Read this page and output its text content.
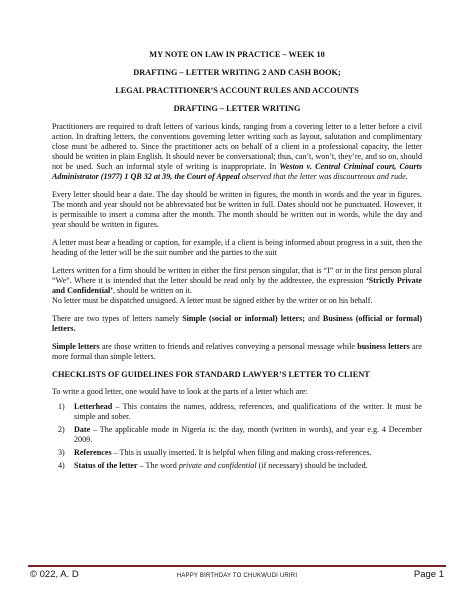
MY NOTE ON LAW IN PRACTICE – WEEK 10
DRAFTING – LETTER WRITING 2 AND CASH BOOK;
LEGAL PRACTITIONER’S ACCOUNT RULES AND ACCOUNTS
DRAFTING – LETTER WRITING

Practitioners are required to draft letters of various kinds, ranging from a covering letter to a letter before a civil action. In drafting letters, the conventions governing letter writing such as layout, salutation and complimentary close must be adhered to. Since the practitioner acts on behalf of a client in a professional capacity, the letter should be written in plain English. It should never be conversational; thus, can’t, won’t, they’re, and so on, should not be used. Such an informal style of writing is inappropriate. In Weston v. Central Criminal court, Courts Administrator (1977) 1 QB 32 at 39, the Court of Appeal observed that the letter was discourteous and rude.

Every letter should bear a date. The day should be written in figures, the month in words and the year in figures. The month and year should not be abbreviated but be written in full. Dates should not be punctuated. However, it is permissible to insert a comma after the month. The month should be written out in words, while the day and year should be written in figures.

A letter must bear a heading or caption, for example, if a client is being informed about progress in a suit, then the heading of the letter will be the suit number and the parties to the suit

Letters written for a firm should be written in either the first person singular, that is “I” or in the first person plural “We”. Where it is intended that the letter should be read only by the addressee, the expression ‘Strictly Private and Confidential’, should be written on it.
No letter must be dispatched unsigned. A letter must be signed either by the writer or on his behalf.

There are two types of letters namely Simple (social or informal) letters; and Business (official or formal) letters.

Simple letters are those written to friends and relatives conveying a personal message while business letters are more formal than simple letters.

CHECKLISTS OF GUIDELINES FOR STANDARD LAWYER’S LETTER TO CLIENT

To write a good letter, one would have to look at the parts of a letter which are:

1) Letterhead – This contains the names, address, references, and qualifications of the writer. It must be simple and sober.
2) Date – The applicable mode in Nigeria is: the day, month (written in words), and year e.g. 4 December 2009.
3) References – This is usually inserted. It is helpful when filing and making cross-references.
4) Status of the letter – The word private and confidential (if necessary) should be included.
© 022, A. D	HAPPY BIRTHDAY TO CHUKWUDI URIRI	Page 1
